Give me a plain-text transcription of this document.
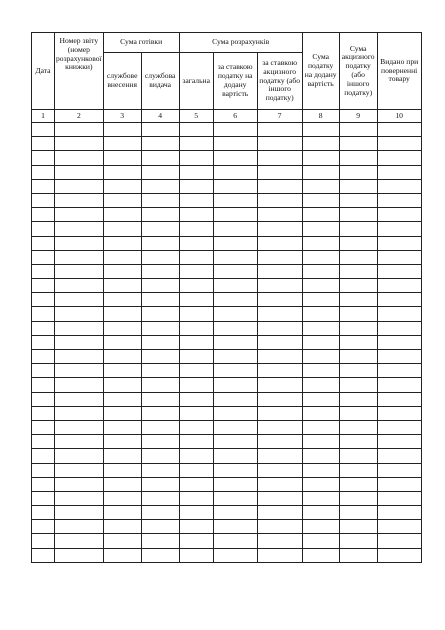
Дата	Номер звіту (номер розрахункової книжки)	Сума готівки		Сума розрахунків			Сума податку на додану вартість	Сума акцизного податку (або іншого податку)	Видано при поверненні товару

		службове внесення	службова видача	загальна	за ставкою податку на додану вартість	за ставкою акцизного податку (або іншого податку)			

1	2	3	4	5	6	7	8	9	10
